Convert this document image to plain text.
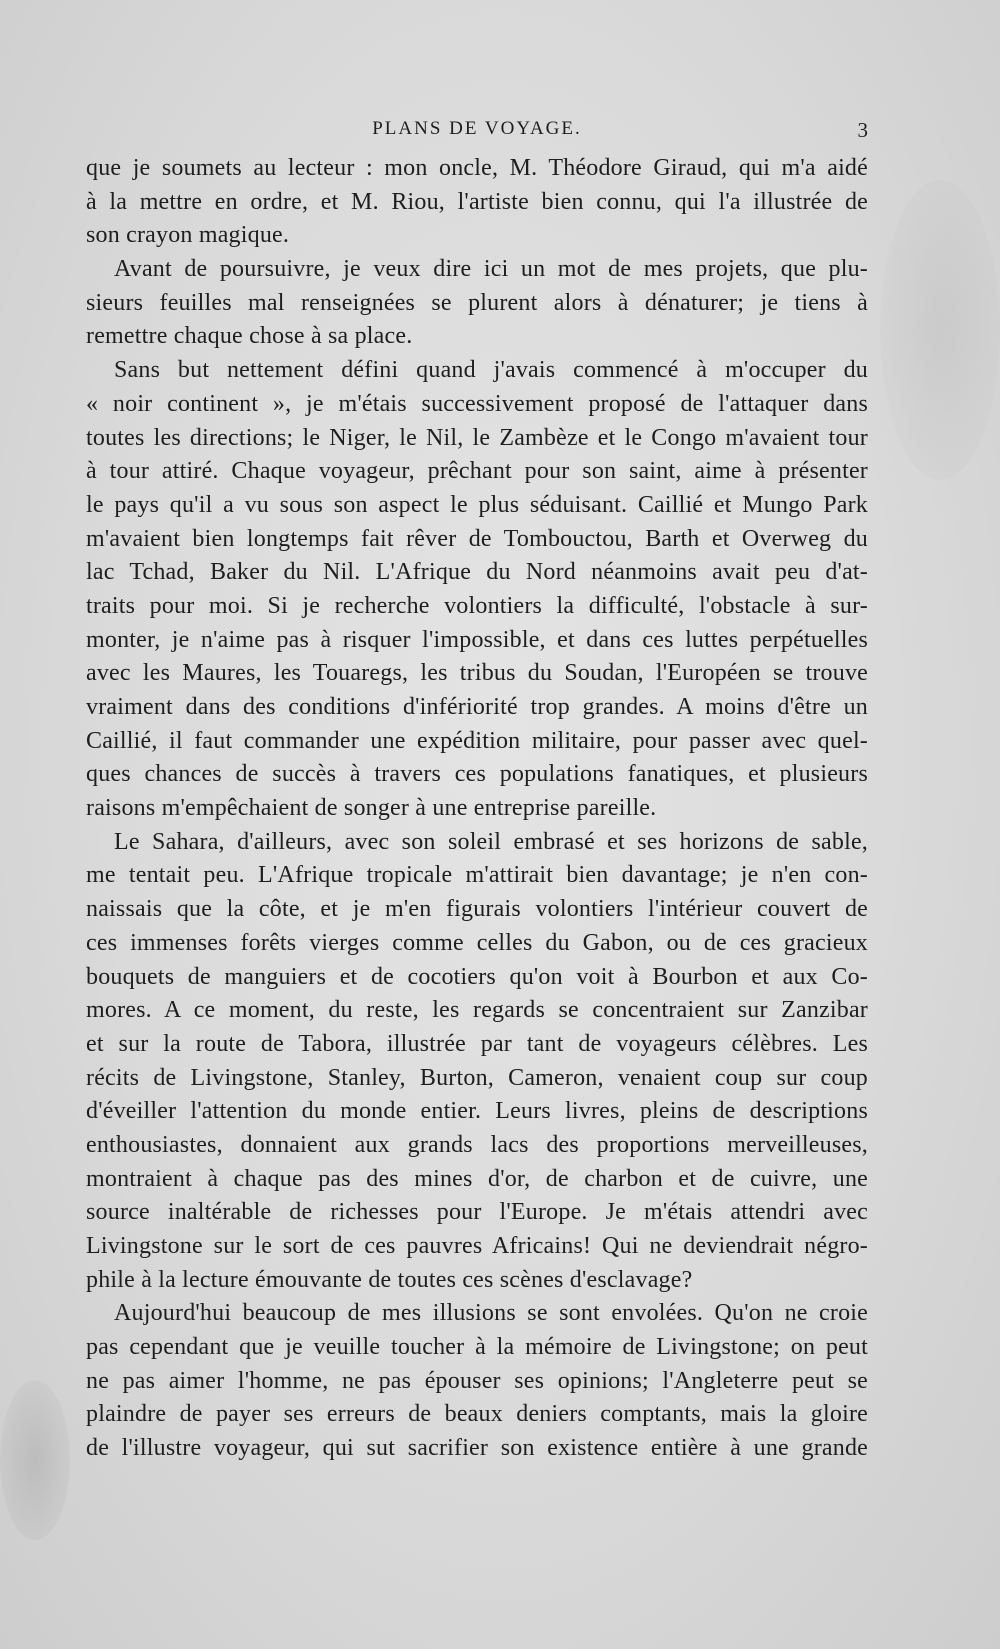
PLANS DE VOYAGE.	3
que je soumets au lecteur : mon oncle, M. Théodore Giraud, qui m'a aidé
à la mettre en ordre, et M. Riou, l'artiste bien connu, qui l'a illustrée de
son crayon magique.
Avant de poursuivre, je veux dire ici un mot de mes projets, que plu-
sieurs feuilles mal renseignées se plurent alors à dénaturer; je tiens à
remettre chaque chose à sa place.
Sans but nettement défini quand j'avais commencé à m'occuper du
« noir continent », je m'étais successivement proposé de l'attaquer dans
toutes les directions; le Niger, le Nil, le Zambèze et le Congo m'avaient tour
à tour attiré. Chaque voyageur, prêchant pour son saint, aime à présenter
le pays qu'il a vu sous son aspect le plus séduisant. Caillié et Mungo Park
m'avaient bien longtemps fait rêver de Tombouctou, Barth et Overweg du
lac Tchad, Baker du Nil. L'Afrique du Nord néanmoins avait peu d'at-
traits pour moi. Si je recherche volontiers la difficulté, l'obstacle à sur-
monter, je n'aime pas à risquer l'impossible, et dans ces luttes perpétuelles
avec les Maures, les Touaregs, les tribus du Soudan, l'Européen se trouve
vraiment dans des conditions d'infériorité trop grandes. A moins d'être un
Caillié, il faut commander une expédition militaire, pour passer avec quel-
ques chances de succès à travers ces populations fanatiques, et plusieurs
raisons m'empêchaient de songer à une entreprise pareille.
Le Sahara, d'ailleurs, avec son soleil embrasé et ses horizons de sable,
me tentait peu. L'Afrique tropicale m'attirait bien davantage; je n'en con-
naissais que la côte, et je m'en figurais volontiers l'intérieur couvert de
ces immenses forêts vierges comme celles du Gabon, ou de ces gracieux
bouquets de manguiers et de cocotiers qu'on voit à Bourbon et aux Co-
mores. A ce moment, du reste, les regards se concentraient sur Zanzibar
et sur la route de Tabora, illustrée par tant de voyageurs célèbres. Les
récits de Livingstone, Stanley, Burton, Cameron, venaient coup sur coup
d'éveiller l'attention du monde entier. Leurs livres, pleins de descriptions
enthousiastes, donnaient aux grands lacs des proportions merveilleuses,
montraient à chaque pas des mines d'or, de charbon et de cuivre, une
source inaltérable de richesses pour l'Europe. Je m'étais attendri avec
Livingstone sur le sort de ces pauvres Africains! Qui ne deviendrait négro-
phile à la lecture émouvante de toutes ces scènes d'esclavage?
Aujourd'hui beaucoup de mes illusions se sont envolées. Qu'on ne croie
pas cependant que je veuille toucher à la mémoire de Livingstone; on peut
ne pas aimer l'homme, ne pas épouser ses opinions; l'Angleterre peut se
plaindre de payer ses erreurs de beaux deniers comptants, mais la gloire
de l'illustre voyageur, qui sut sacrifier son existence entière à une grande
